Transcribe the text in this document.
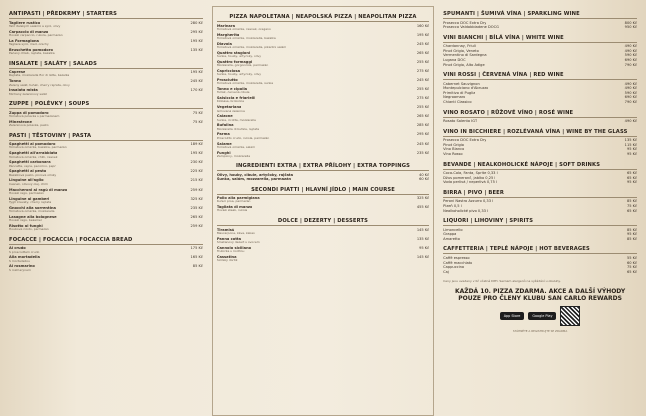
ANTIPASTI | PŘEDKRMY | STARTERS
Tagliere rustico	280 Kč
Talíř italských salámů a sýrů, olivy
Carpaccio di manzo	295 Kč
Hovězí carpaccio, rukola, parmazán
La Formagiona	195 Kč
Tagliere sýrů, med, ořechy
Bruschetta pomodoro	135 Kč
Pečený chléb, rajčata, bazalka
INSALATE | SALÁTY | SALADS
Caprese	195 Kč
Rajčata, mozzarella fior di latte, bazalka
Tonno	245 Kč
Zelený salát, tuňák, cherry rajčata, olivy
Insalata mista	170 Kč
Míchaný zeleninový salát
ZUPPE | POLÉVKY | SOUPS
Zuppa di pomodoro	75 Kč
Tomatová polévka s parmazánem
Minestrone	75 Kč
Zeleninová polévka, pesto
PASTI | TĚSTOVINY | PASTA
Spaghetti al pomodoro	189 Kč
Tomatová omáčka, bazalka, parmazán
Spaghetti all'arrabbiata	195 Kč
Tomatová omáčka, chilli, česnek
Spaghetti carbonara	230 Kč
Pancetta, vejce, pecorino, pepř
Spaghetti al pesto	225 Kč
Bazalkové pesto, piniové oříšky
Linguine all'aglio	215 Kč
Česnek, olivový olej, chilli
Maccheroni al ragù di manzo	259 Kč
Hovězí ragú, parmazán
Linguine ai gamberi	325 Kč
Tygří krevety, cherry rajčata
Gnocchi alla sorrentina	235 Kč
Tomatová omáčka, mozzarella
Lasagne alla bolognese	265 Kč
Hovězí ragú, bešamel
Risotto ai funghi	259 Kč
Houbové rizoto, parmazán
FOCACCE | FOCACCIA | FOCACCIA BREAD
Al crudo	175 Kč
S prosciuttem crudo
Alla mortadella	165 Kč
S mortadellou
Al rosmarino	85 Kč
S rozmarýnem
PIZZA NAPOLETANA | NEAPOLSKÁ PIZZA | NEAPOLITAN PIZZA
Marinara	160 Kč
Tomatová omáčka, česnek, oregano
Margherita	195 Kč
Tomatová omáčka, mozzarella, bazalka
Diavola	245 Kč
Tomatová omáčka, mozzarella, pikantní salám
Quattro stagioni	265 Kč
Šunka, houby, artyčoky, olivy
Quattro formaggi	255 Kč
Mozzarella, gorgonzola, parmazán
Capricciosa	275 Kč
Šunka, houby, artyčoky, olivy
Prosciutto	245 Kč
Tomatová omáčka, mozzarella, šunka
Tonno e cipolla	255 Kč
Tuňák, červená cibule
Salsiccia e friarielli	275 Kč
Klobása, brokolice
Vegetariana	255 Kč
Grilovaná zelenina
Calzone	265 Kč
Šunka, ricotta, mozzarella
Bufalina	285 Kč
Mozzarella di bufala, rajčata
Parma	295 Kč
Prosciutto crudo, rukola, parmazán
Salame	245 Kč
Tomatová omáčka, salám
Funghi	235 Kč
Žampiony, mozzarella
INGREDIENTI EXTRA | EXTRA PŘÍLOHY | EXTRA TOPPINGS
Olivy, houby, cibule, artyčoky, rajčata	40 Kč
Šunka, salám, mozzarella, parmazán	60 Kč
SECONDI PIATTI | HLAVNÍ JÍDLO | MAIN COURSE
Pollo alla parmigiana	325 Kč
Kuřecí prsa, parmazán
Tagliata di manzo	455 Kč
Hovězí steak, rukola
DOLCE | DEZERTY | DESSERTS
Tiramisù	145 Kč
Mascarpone, káva, kakao
Panna cotta	135 Kč
Smetanový dezert s ovocem
Cannolo siciliano	95 Kč
Trubička s ricottou
Cassatina	145 Kč
Sicilský dortík
SPUMANTI | ŠUMIVÁ VÍNA | SPARKLING WINE
Prosecco DOC Extra Dry	800 Kč
Prosecco Valdobbiadene DOCG	950 Kč
VINI BIANCHI | BÍLÁ VÍNA | WHITE WINE
Chardonnay, Friuli	490 Kč
Pinot Grigio, Veneto	490 Kč
Vermentino di Sardegna	590 Kč
Lugana DOC	690 Kč
Pinot Grigio, Alto Adige	790 Kč
VINI ROSSI | ČERVENÁ VÍNA | RED WINE
Cabernet Sauvignon	490 Kč
Montepulciano d'Abruzzo	490 Kč
Primitivo di Puglia	590 Kč
Negroamaro	690 Kč
Chianti Classico	790 Kč
VINO ROSATO | RŮŽOVÉ VÍNO | ROSÉ WINE
Rosato Salento IGT	490 Kč
VINO IN BICCHIERE | ROZLÉVANÁ VÍNA | WINE BY THE GLASS
Prosecco DOC Extra Dry	135 Kč
Pinot Grigio	115 Kč
Vino Bianco	95 Kč
Vino Rosso	95 Kč
BEVANDE | NEALKOHOLICKÉ NÁPOJE | SOFT DRINKS
Coca-Cola, Fanta, Sprite 0,33 l	65 Kč
Džus pomeranč, jablko 0,25 l	65 Kč
Voda perlivá / neperlivá 0,75 l	95 Kč
BIRRA | PIVO | BEER
Peroni Nastro Azzurro 0,33 l	85 Kč
Plzeň 0,5 l	75 Kč
Nealkoholické pivo 0,33 l	65 Kč
LIQUORI | LIHOVINY | SPIRITS
Limoncello	85 Kč
Grappa	95 Kč
Amaretto	85 Kč
CAFFETTERIA | TEPLÉ NÁPOJE | HOT BEVERAGES
Caffè espresso	55 Kč
Caffè macchiato	60 Kč
Cappuccino	75 Kč
Čaj	65 Kč
Ceny jsou uvedeny v Kč včetně DPH. Seznam alergenů na vyžádání u obsluhy.
KAŽDÁ 10. PIZZA ZDARMA. AKCE A DALŠÍ VÝHODY POUZE PRO ČLENY KLUBU SAN CARLO REWARDS
App Store	Google Play
STÁHNĚTE A REGISTRUJTE SE ZDARMA
